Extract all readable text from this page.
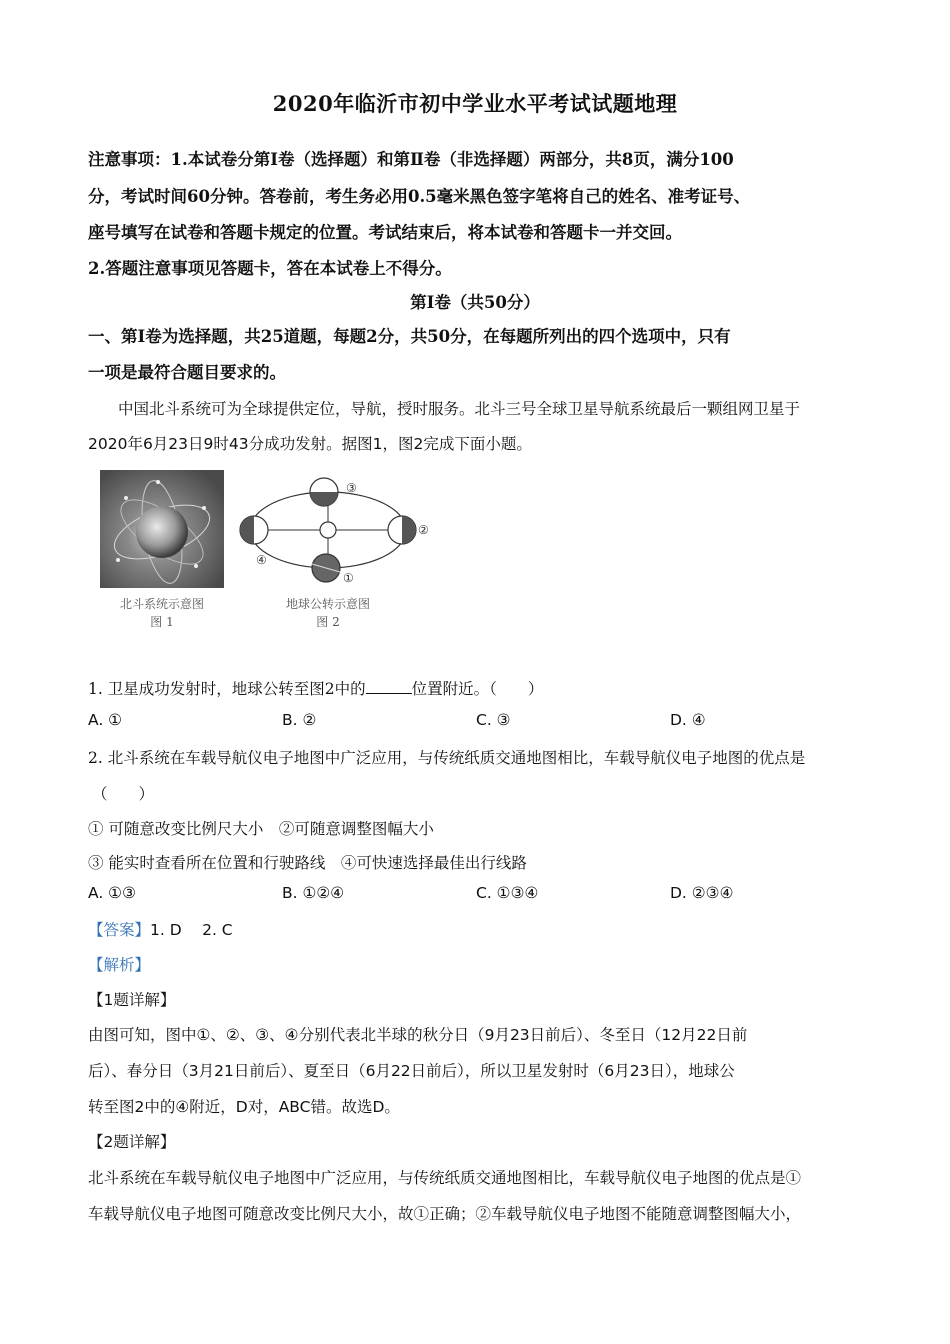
2020年临沂市初中学业水平考试试题地理
注意事项：1.本试卷分第Ⅰ卷（选择题）和第Ⅱ卷（非选择题）两部分，共8页，满分100
分，考试时间60分钟。答卷前，考生务必用0.5毫米黑色签字笔将自己的姓名、准考证号、
座号填写在试卷和答题卡规定的位置。考试结束后，将本试卷和答题卡一并交回。
2.答题注意事项见答题卡，答在本试卷上不得分。
第Ⅰ卷（共50分）
一、第Ⅰ卷为选择题，共25道题，每题2分，共50分，在每题所列出的四个选项中，只有
一项是最符合题目要求的。
中国北斗系统可为全球提供定位，导航，授时服务。北斗三号全球卫星导航系统最后一颗组网卫星于
2020年6月23日9时43分成功发射。据图1，图2完成下面小题。
北斗系统示意图
图 1
③
②
①
④
地球公转示意图
图 2
1. 卫星成功发射时，地球公转至图2中的	位置附近。（　　）
A. ①	B. ②	C. ③	D. ④
2. 北斗系统在车载导航仪电子地图中广泛应用，与传统纸质交通地图相比，车载导航仪电子地图的优点是
（　　）
① 可随意改变比例尺大小　②可随意调整图幅大小
③ 能实时查看所在位置和行驶路线　④可快速选择最佳出行线路
A. ①③	B. ①②④	C. ①③④	D. ②③④
【答案】1. D　 2. C
【解析】
【1题详解】
由图可知，图中①、②、③、④分别代表北半球的秋分日（9月23日前后）、冬至日（12月22日前
后）、春分日（3月21日前后）、夏至日（6月22日前后），所以卫星发射时（6月23日），地球公
转至图2中的④附近，D对，ABC错。故选D。
【2题详解】
北斗系统在车载导航仪电子地图中广泛应用，与传统纸质交通地图相比，车载导航仪电子地图的优点是①
车载导航仪电子地图可随意改变比例尺大小，故①正确；②车载导航仪电子地图不能随意调整图幅大小，
